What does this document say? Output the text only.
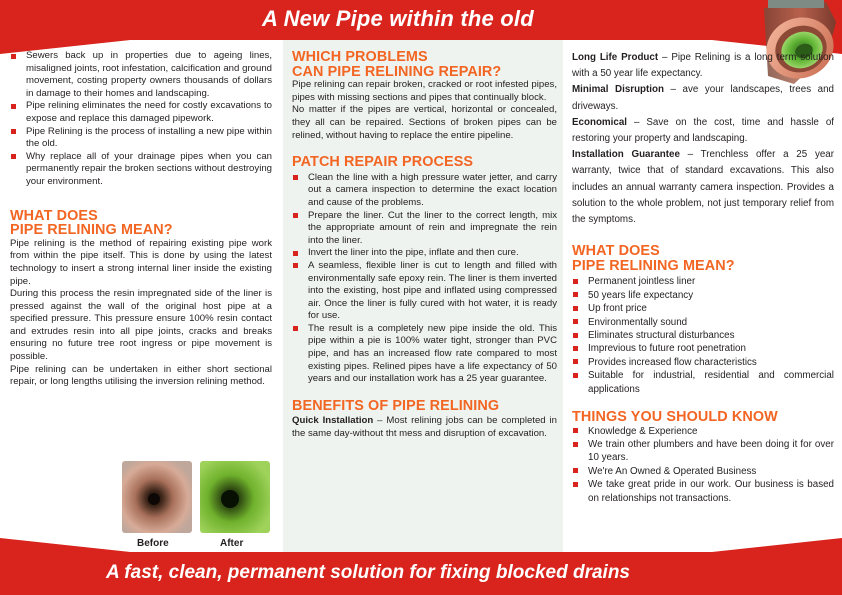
A New Pipe within the old
Sewers back up in properties due to ageing lines, misaligned joints, root infestation, calcification and ground movement, costing property owners thousands of dollars in damage to their homes and landscaping.
Pipe relining eliminates the need for costly excavations to expose and replace this damaged pipework.
Pipe Relining is the process of installing a new pipe within the old.
Why replace all of your drainage pipes when you can permanently repair the broken sections without destroying your environment.
WHAT DOES
PIPE RELINING MEAN?

Pipe relining is the method of repairing existing pipe work from within the pipe itself. This is done by using the latest technology to insert a strong internal liner inside the existing pipe.

During this process the resin impregnated side of the liner is pressed against the wall of the original host pipe at a specified pressure. This pressure ensure 100% resin contact and extrudes resin into all pipe joints, cracks and breaks ensuring no future tree root ingress or pipe movement is possible.

Pipe relining can be undertaken in either short sectional repair, or long lengths utilising the inversion relining method.

Before	After
WHICH PROBLEMS
CAN PIPE RELINING REPAIR?

Pipe relining can repair broken, cracked or root infested pipes, pipes with missing sections and pipes that continually block.

No matter if the pipes are vertical, horizontal or concealed, they all can be repaired. Sections of broken pipes can be relined, without having to replace the entire pipeline.

PATCH REPAIR PROCESS
Clean the line with a high pressure water jetter, and carry out a camera inspection to determine the exact location and cause of the problems.
Prepare the liner. Cut the liner to the correct length, mix the appropriate amount of rein and impregnate the rein into the liner.
Invert the liner into the pipe, inflate and then cure.
A seamless, flexible liner is cut to length and filled with environmentally safe epoxy rein. The liner is them inverted into the existing, host pipe and inflated using compressed air. Once the liner is fully cured with hot water, it is ready for use.
The result is a completely new pipe inside the old. This pipe within a pie is 100% water tight, stronger than PVC pipe, and has an increased flow rate compared to most existing pipes. Relined pipes have a life expectancy of 50 years and our installation work has a 25 year guarantee.
BENEFITS OF PIPE RELINING

Quick Installation – Most relining jobs can be completed in the same day-without tht mess and disruption of excavation.

Long Life Product – Pipe Relining is a long term solution with a 50 year life expectancy.

Minimal Disruption – ave your landscapes, trees and driveways.

Economical – Save on the cost, time and hassle of restoring your property and landscaping.

Installation Guarantee – Trenchless offer a 25 year warranty, twice that of standard excavations. This also includes an annual warranty camera inspection. Provides a solution to the whole problem, not just temporary relief from the symptoms.

WHAT DOES
PIPE RELINING MEAN?
Permanent jointless liner
50 years life expectancy
Up front price
Environmentally sound
Eliminates structural disturbances
Imprevious to future root penetration
Provides increased flow characteristics
Suitable for industrial, residential and commercial applications
THINGS YOU SHOULD KNOW
Knowledge & Experience
We train other plumbers and have been doing it for over 10 years.
We're An Owned & Operated Business
We take great pride in our work. Our business is based on relationships not transactions.
A fast, clean, permanent solution for fixing blocked drains
